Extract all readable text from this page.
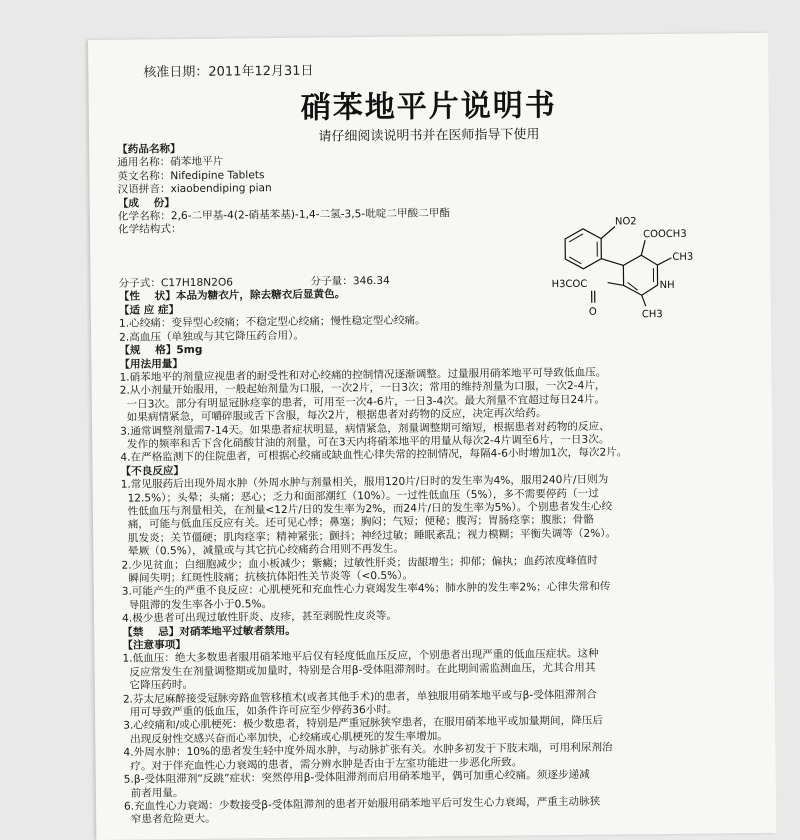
核准日期：2011年12月31日
硝苯地平片说明书
请仔细阅读说明书并在医师指导下使用
【药品名称】
通用名称：硝苯地平片
英文名称：Nifedipine Tablets
汉语拼音：xiaobendiping pian
【成    份】
化学名称：2,6-二甲基-4(2-硝基苯基)-1,4-二氢-3,5-吡啶二甲酸二甲酯
化学结构式：

分子式：C17H18N2O6                       分子量：346.34
【性    状】本品为糖衣片，除去糖衣后显黄色。
【适 应 症】
1.心绞痛：变异型心绞痛；不稳定型心绞痛；慢性稳定型心绞痛。
2.高血压（单独或与其它降压药合用）。
【规    格】5mg
【用法用量】
1.硝苯地平的剂量应视患者的耐受性和对心绞痛的控制情况逐渐调整。过量服用硝苯地平可导致低血压。
2.从小剂量开始服用，一般起始剂量为口服，一次2片，一日3次；常用的维持剂量为口服，一次2-4片，
一日3次。部分有明显冠脉痉挛的患者，可用至一次4-6片，一日3-4次。最大剂量不宜超过每日24片。
如果病情紧急，可嚼碎服或舌下含服，每次2片，根据患者对药物的反应，决定再次给药。
3.通常调整剂量需7-14天。如果患者症状明显，病情紧急，剂量调整期可缩短，根据患者对药物的反应、
发作的频率和舌下含化硝酸甘油的剂量，可在3天内将硝苯地平的用量从每次2-4片调至6片，一日3次。
4.在严格监测下的住院患者，可根据心绞痛或缺血性心律失常的控制情况，每隔4-6小时增加1次，每次2片。
【不良反应】
1.常见服药后出现外周水肿（外周水肿与剂量相关，服用120片/日时的发生率为4%，服用240片/日则为
12.5%）；头晕；头痛；恶心；乏力和面部潮红（10%）。一过性低血压（5%），多不需要停药（一过
性低血压与剂量相关，在剂量<12片/日的发生率为2%，而24片/日的发生率为5%）。个别患者发生心绞
痛，可能与低血压反应有关。还可见心悸；鼻塞；胸闷；气短；便秘；腹泻；胃肠痉挛；腹胀；骨骼
肌发炎；关节僵硬；肌肉痉挛；精神紧张；颤抖；神经过敏；睡眠紊乱；视力模糊；平衡失调等（2%）。
晕厥（0.5%），减量或与其它抗心绞痛药合用则不再发生。
2.少见贫血；白细胞减少；血小板减少；紫癜；过敏性肝炎；齿龈增生；抑郁；偏执；血药浓度峰值时
瞬间失明；红斑性肢痛；抗核抗体阳性关节炎等（<0.5%）。
3.可能产生的严重不良反应：心肌梗死和充血性心力衰竭发生率4%；肺水肿的发生率2%；心律失常和传
导阻滞的发生率各小于0.5%。
4.极少患者可出现过敏性肝炎、皮疹，甚至剥脱性皮炎等。
【禁    忌】对硝苯地平过敏者禁用。
【注意事项】
1.低血压：绝大多数患者服用硝苯地平后仅有轻度低血压反应，个别患者出现严重的低血压症状。这种
反应常发生在剂量调整期或加量时，特别是合用β-受体阻滞剂时。在此期间需监测血压，尤其合用其
它降压药时。
2.芬太尼麻醉接受冠脉旁路血管移植术(或者其他手术)的患者，单独服用硝苯地平或与β-受体阻滞剂合
用可导致严重的低血压，如条件许可应至少停药36小时。
3.心绞痛和/或心肌梗死：极少数患者，特别是严重冠脉狭窄患者，在服用硝苯地平或加量期间，降压后
出现反射性交感兴奋而心率加快，心绞痛或心肌梗死的发生率增加。
4.外周水肿：10%的患者发生轻中度外周水肿，与动脉扩张有关。水肿多初发于下肢末端，可用利尿剂治
疗。对于伴充血性心力衰竭的患者，需分辨水肿是否由于左室功能进一步恶化所致。
5.β-受体阻滞剂“反跳”症状：突然停用β-受体阻滞剂而启用硝苯地平，偶可加重心绞痛。须逐步递减
前者用量。
6.充血性心力衰竭：少数接受β-受体阻滞剂的患者开始服用硝苯地平后可发生心力衰竭，严重主动脉狭
窄患者危险更大。
NO2
COOCH3
CH3
NH
CH3
H3COC
O
